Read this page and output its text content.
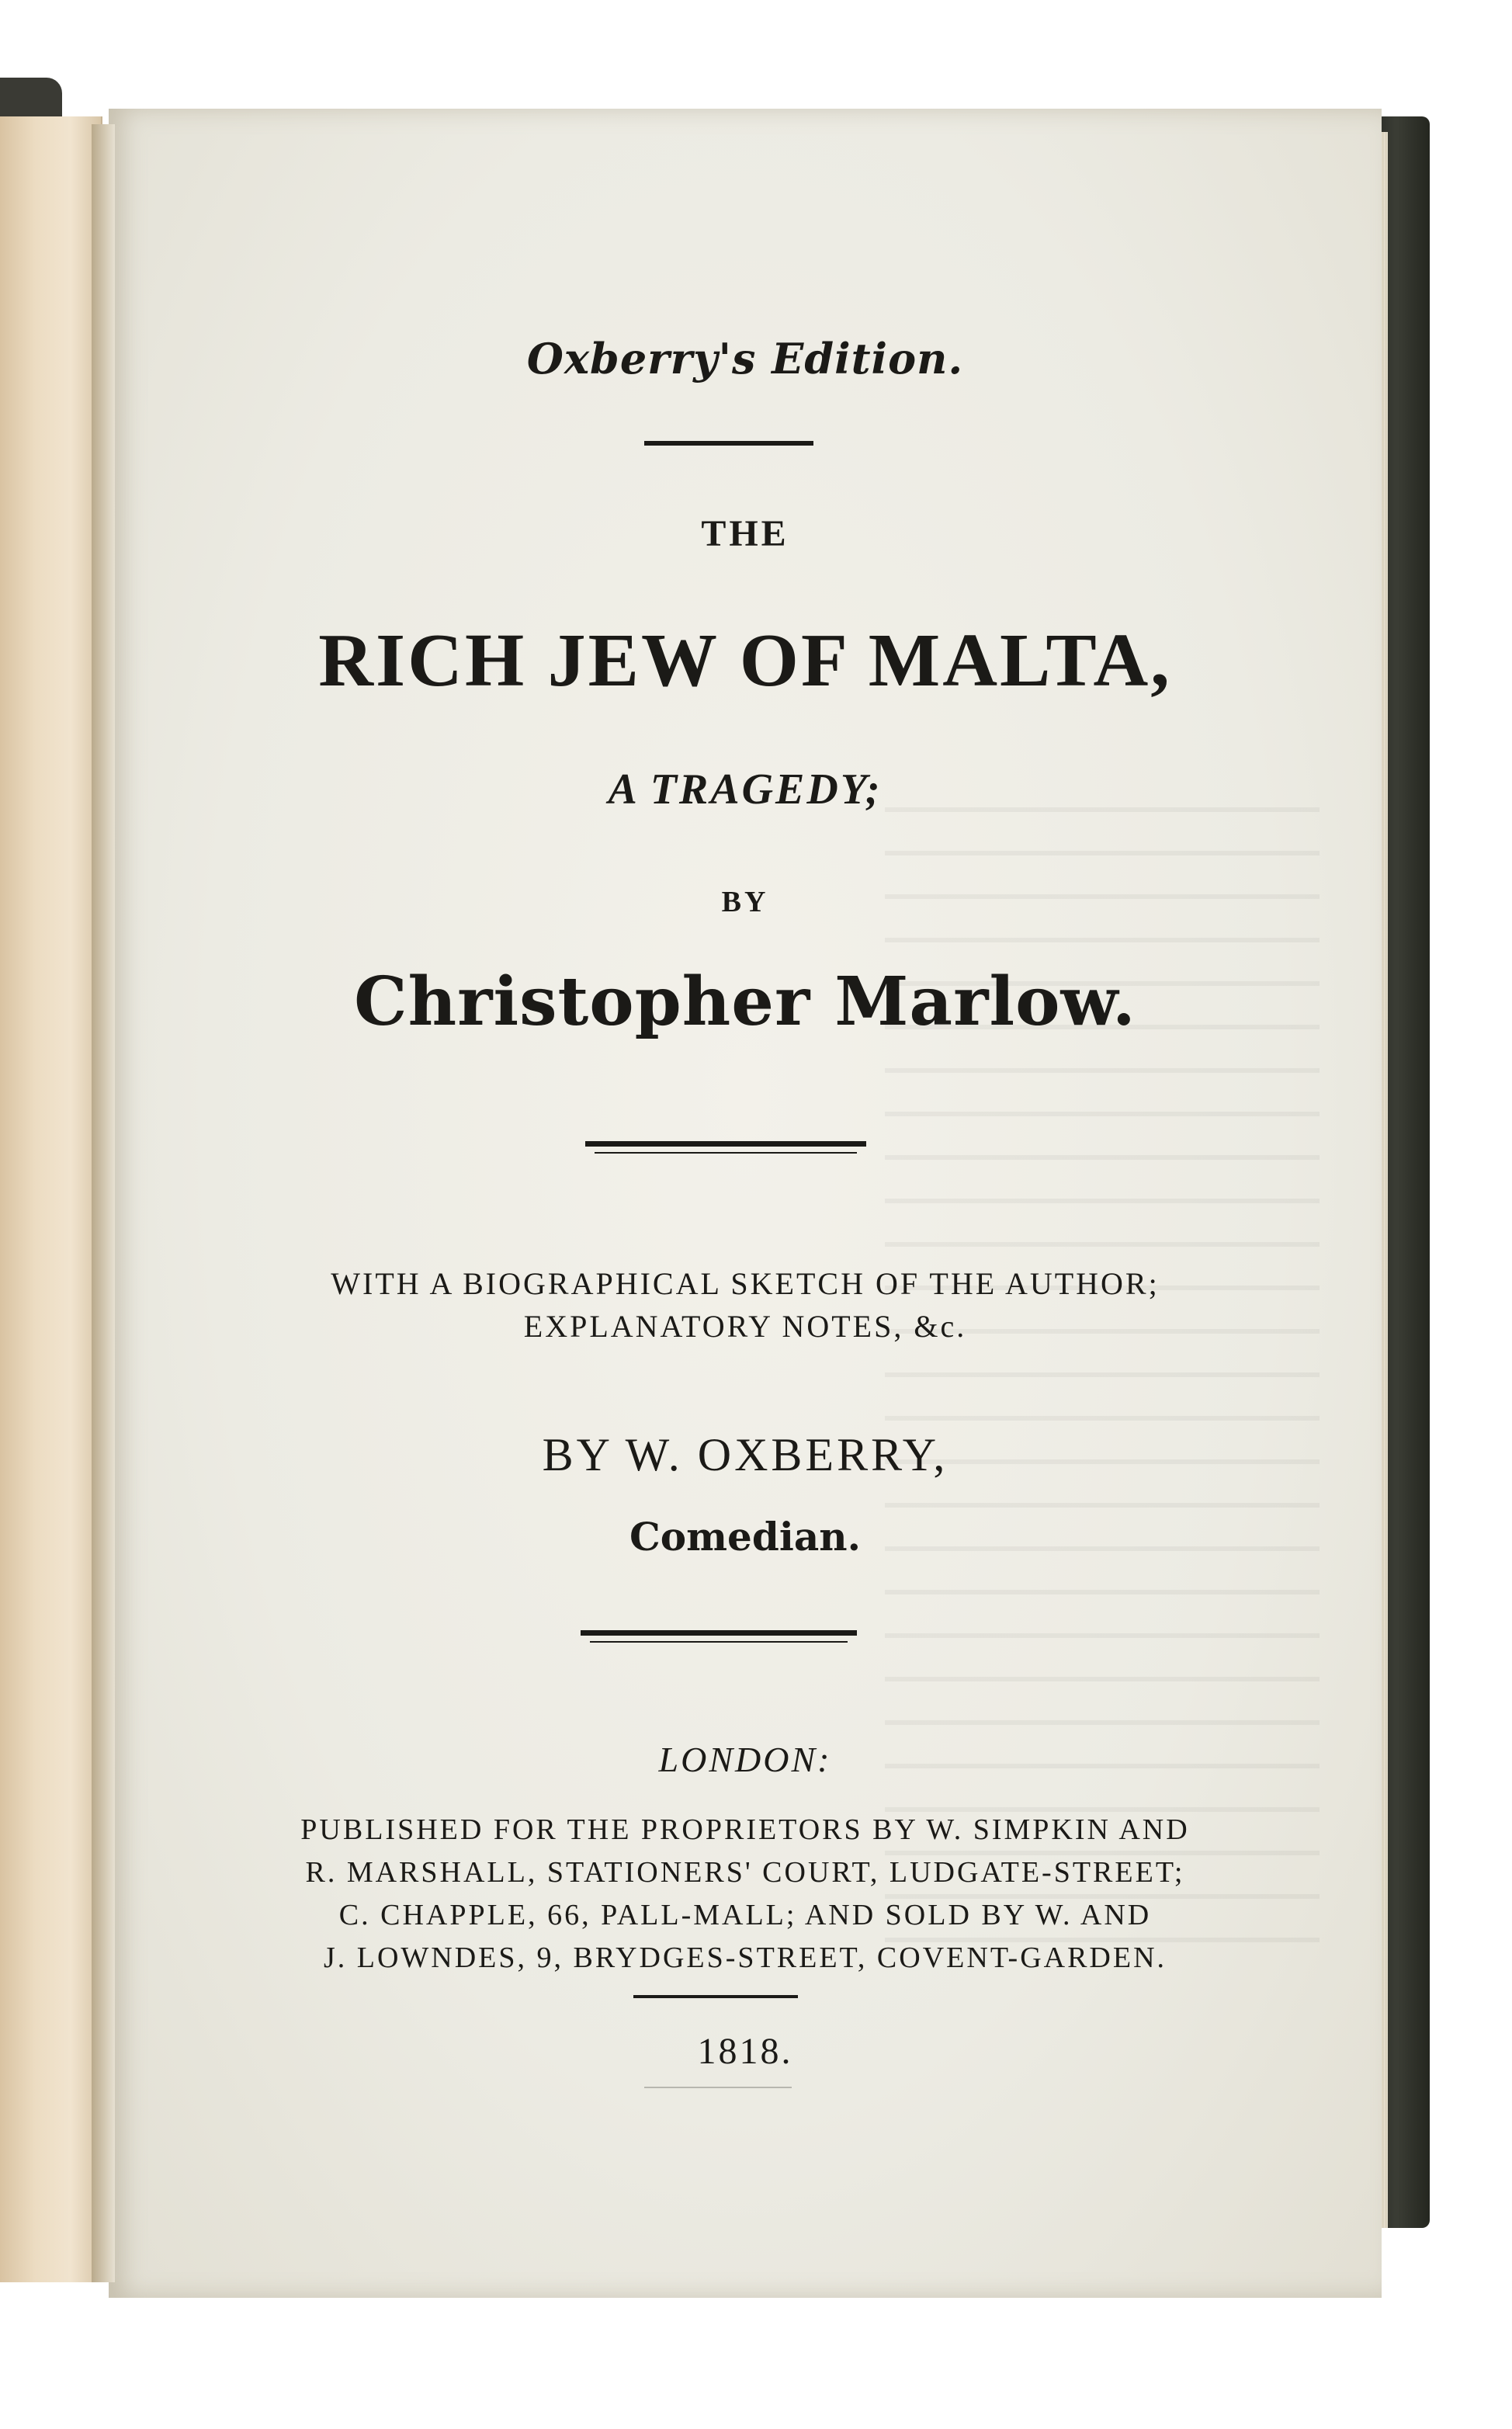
Oxberry's Edition.
THE
RICH JEW OF MALTA,
A TRAGEDY;
BY
Christopher Marlow.
WITH A BIOGRAPHICAL SKETCH OF THE AUTHOR;
EXPLANATORY NOTES, &c.
BY W. OXBERRY,
Comedian.
LONDON:
PUBLISHED FOR THE PROPRIETORS BY W. SIMPKIN AND
R. MARSHALL, STATIONERS' COURT, LUDGATE-STREET;
C. CHAPPLE, 66, PALL-MALL; AND SOLD BY W. AND
J. LOWNDES, 9, BRYDGES-STREET, COVENT-GARDEN.
1818.
